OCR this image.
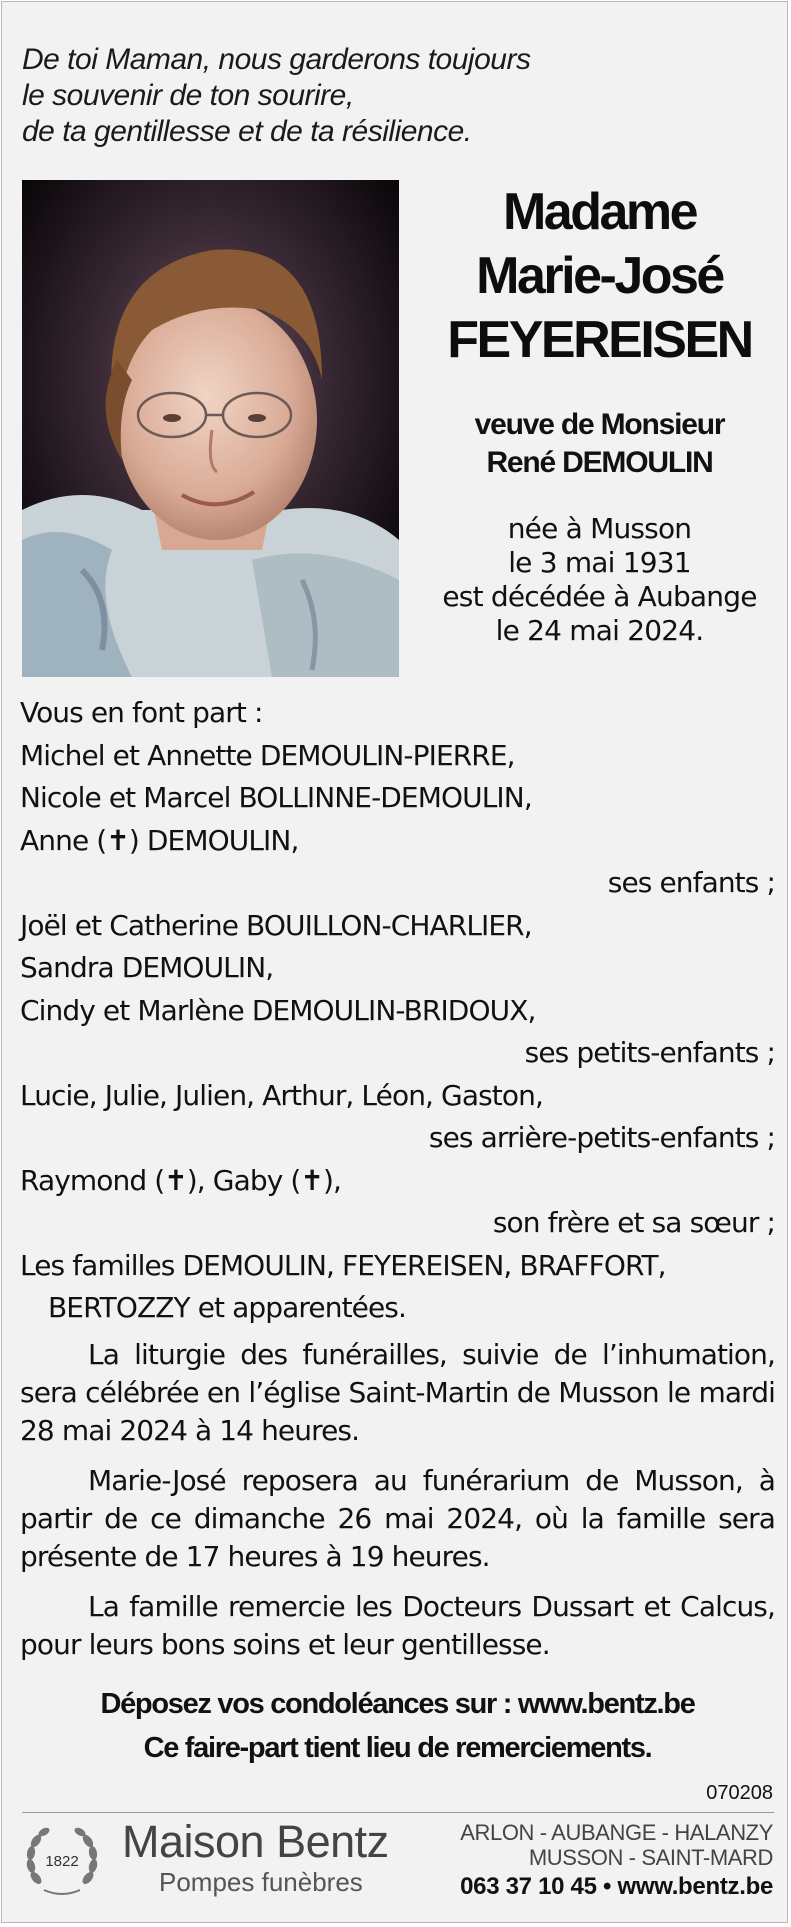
De toi Maman, nous garderons toujours
le souvenir de ton sourire,
de ta gentillesse et de ta résilience.
Madame
Marie-José
FEYEREISEN
veuve de Monsieur
René DEMOULIN
née à Musson
le 3 mai 1931
est décédée à Aubange
le 24 mai 2024.
Vous en font part :
Michel et Annette DEMOULIN-PIERRE,
Nicole et Marcel BOLLINNE-DEMOULIN,
Anne (✝) DEMOULIN,
ses enfants ;
Joël et Catherine BOUILLON-CHARLIER,
Sandra DEMOULIN,
Cindy et Marlène DEMOULIN-BRIDOUX,
ses petits-enfants ;
Lucie, Julie, Julien, Arthur, Léon, Gaston,
ses arrière-petits-enfants ;
Raymond (✝), Gaby (✝),
son frère et sa sœur ;
Les familles DEMOULIN, FEYEREISEN, BRAFFORT,
BERTOZZY et apparentées.
La liturgie des funérailles, suivie de l’inhumation, sera célébrée en l’église Saint-Martin de Musson le mardi 28 mai 2024 à 14 heures.
Marie-José reposera au funérarium de Musson, à partir de ce dimanche 26 mai 2024, où la famille sera présente de 17 heures à 19 heures.
La famille remercie les Docteurs Dussart et Calcus, pour leurs bons soins et leur gentillesse.
Déposez vos condoléances sur : www.bentz.be
Ce faire-part tient lieu de remerciements.
070208
1822 Maison Bentz
Pompes funèbres
ARLON - AUBANGE - HALANZY
MUSSON - SAINT-MARD
063 37 10 45 • www.bentz.be
